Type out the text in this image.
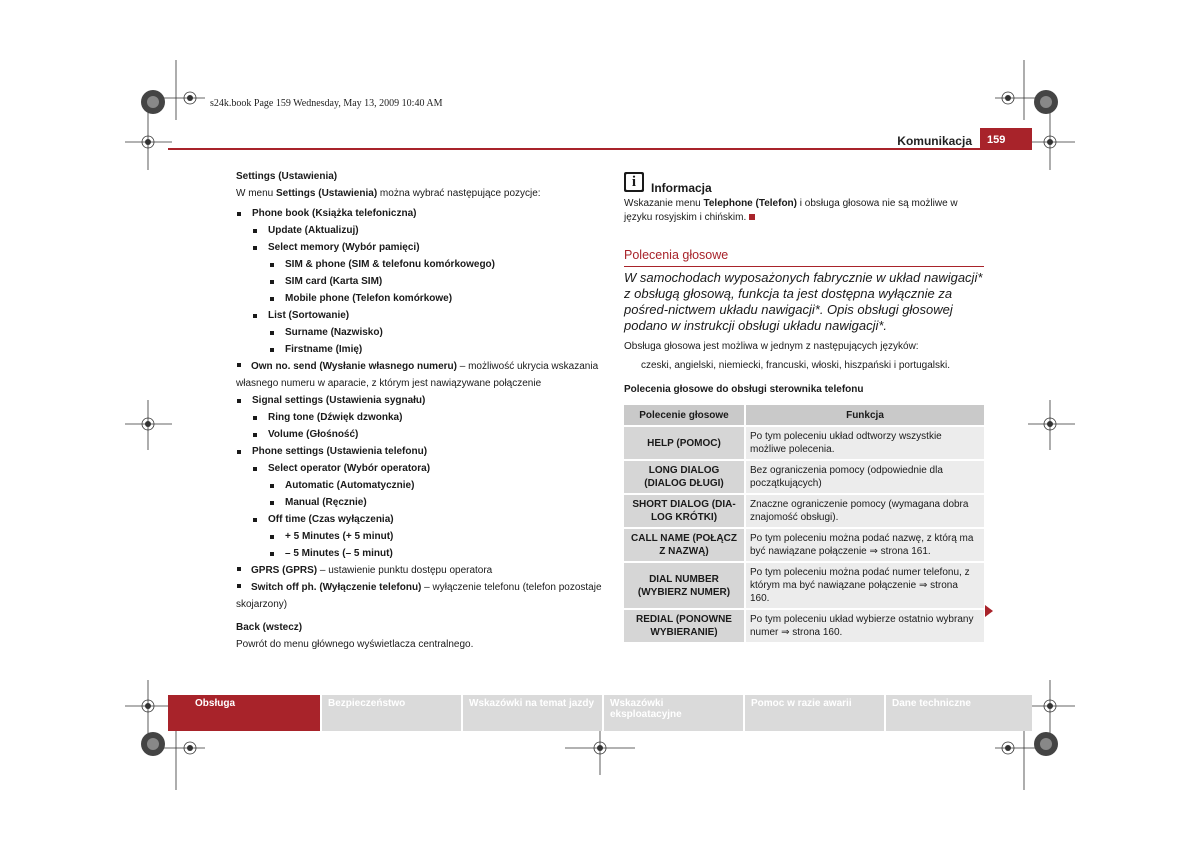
s24k.book Page 159 Wednesday, May 13, 2009 10:40 AM
Komunikacja	159
Settings (Ustawienia)
W menu Settings (Ustawienia) można wybrać następujące pozycje:
Phone book (Książka telefoniczna)
Update (Aktualizuj)
Select memory (Wybór pamięci)
SIM & phone (SIM & telefonu komórkowego)
SIM card (Karta SIM)
Mobile phone (Telefon komórkowe)
List (Sortowanie)
Surname (Nazwisko)
Firstname (Imię)
Own no. send (Wysłanie własnego numeru) – możliwość ukrycia wskazania własnego numeru w aparacie, z którym jest nawiązywane połączenie
Signal settings (Ustawienia sygnału)
Ring tone (Dźwięk dzwonka)
Volume (Głośność)
Phone settings (Ustawienia telefonu)
Select operator (Wybór operatora)
Automatic (Automatycznie)
Manual (Ręcznie)
Off time (Czas wyłączenia)
+ 5 Minutes (+ 5 minut)
– 5 Minutes (– 5 minut)
GPRS (GPRS) – ustawienie punktu dostępu operatora
Switch off ph. (Wyłączenie telefonu) – wyłączenie telefonu (telefon pozostaje skojarzony)
Back (wstecz)
Powrót do menu głównego wyświetlacza centralnego.
i	Informacja
Wskazanie menu Telephone (Telefon) i obsługa głosowa nie są możliwe w języku rosyjskim i chińskim.
Polecenia głosowe
W samochodach wyposażonych fabrycznie w układ nawigacji* z obsługą głosową, funkcja ta jest dostępna wyłącznie za pośred-nictwem układu nawigacji*. Opis obsługi głosowej podano w instrukcji obsługi układu nawigacji*.
Obsługa głosowa jest możliwa w jednym z następujących języków:
czeski, angielski, niemiecki, francuski, włoski, hiszpański i portugalski.
Polecenia głosowe do obsługi sterownika telefonu
Polecenie głosowe	Funkcja
HELP (POMOC)	Po tym poleceniu układ odtworzy wszystkie możliwe polecenia.
LONG DIALOG (DIALOG DŁUGI)	Bez ograniczenia pomocy (odpowiednie dla początkujących)
SHORT DIALOG (DIA-LOG KRÓTKI)	Znaczne ograniczenie pomocy (wymagana dobra znajomość obsługi).
CALL NAME (POŁĄCZ Z NAZWĄ)	Po tym poleceniu można podać nazwę, z którą ma być nawiązane połączenie ⇒ strona 161.
DIAL NUMBER (WYBIERZ NUMER)	Po tym poleceniu można podać numer telefonu, z którym ma być nawiązane połączenie ⇒ strona 160.
REDIAL (PONOWNE WYBIERANIE)	Po tym poleceniu układ wybierze ostatnio wybrany numer ⇒ strona 160.
Obsługa	Bezpieczeństwo	Wskazówki na temat jazdy	Wskazówki eksploatacyjne
Pomoc w razie awarii	Dane techniczne
